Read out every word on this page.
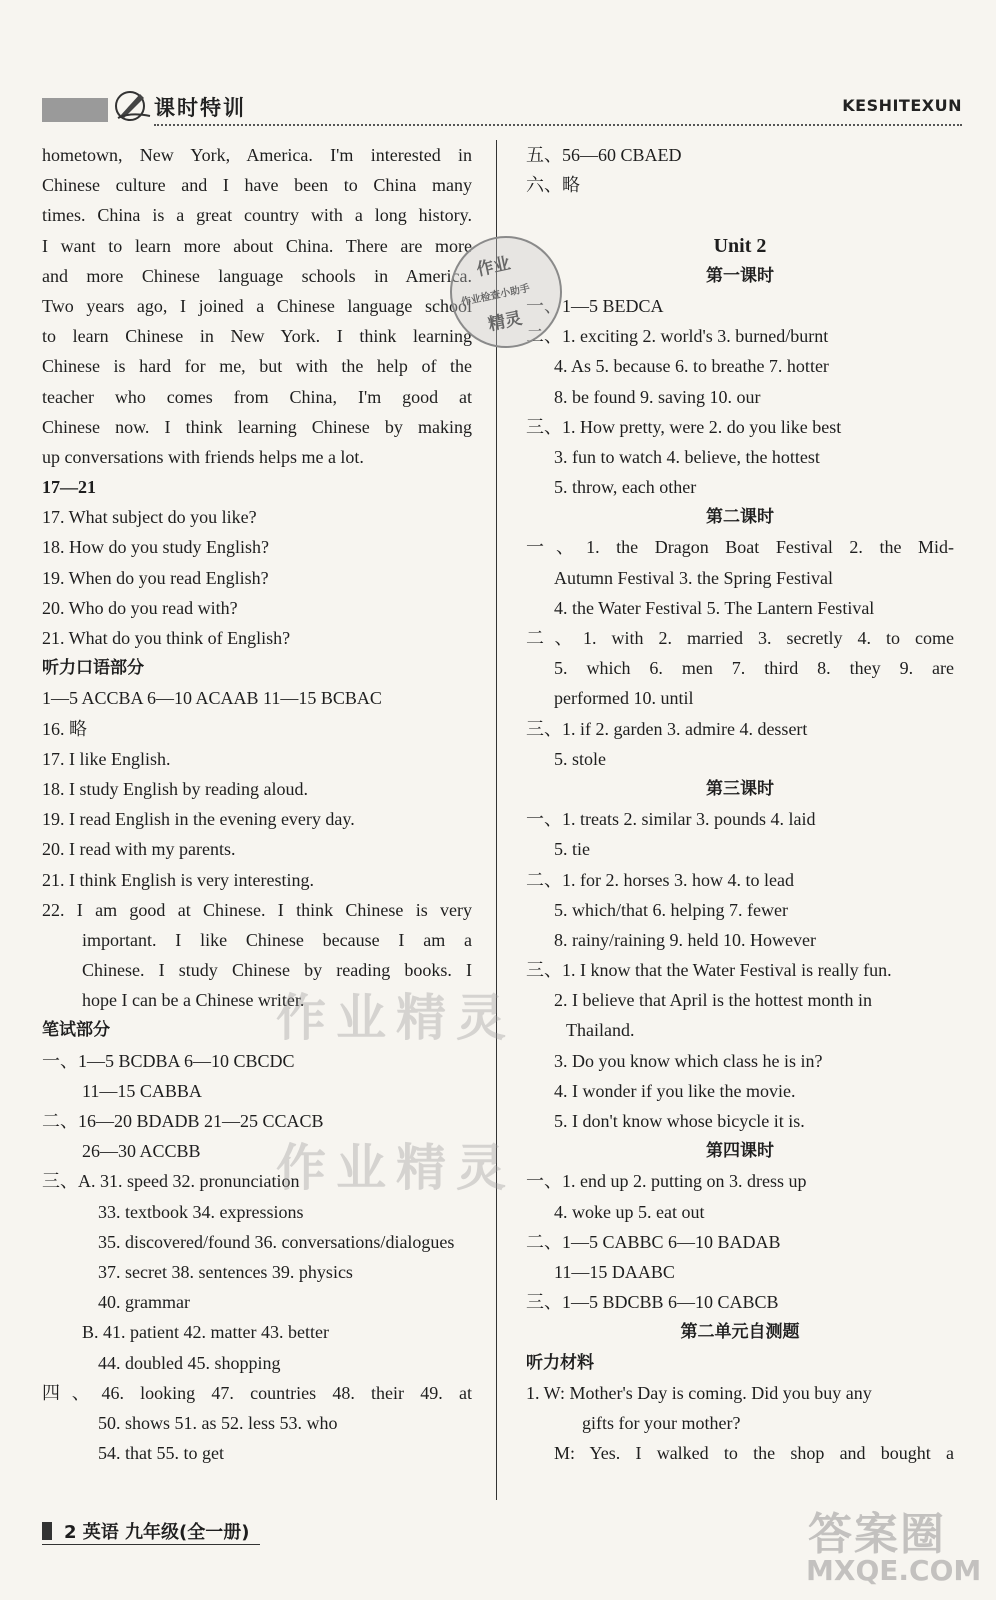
课时特训	KESHITEXUN
hometown, New York, America. I'm interested in
Chinese culture and I have been to China many
times. China is a great country with a long history.
I want to learn more about China. There are more
and more Chinese language schools in America.
Two years ago, I joined a Chinese language school
to learn Chinese in New York. I think learning
Chinese is hard for me, but with the help of the
teacher who comes from China, I'm good at
Chinese now. I think learning Chinese by making
up conversations with friends helps me a lot.
17—21
17. What subject do you like?
18. How do you study English?
19. When do you read English?
20. Who do you read with?
21. What do you think of English?
听力口语部分
1—5 ACCBA 6—10 ACAAB 11—15 BCBAC
16. 略
17. I like English.
18. I study English by reading aloud.
19. I read English in the evening every day.
20. I read with my parents.
21. I think English is very interesting.
22. I am good at Chinese. I think Chinese is very
important. I like Chinese because I am a
Chinese. I study Chinese by reading books. I
hope I can be a Chinese writer.
笔试部分
一、1—5 BCDBA 6—10 CBCDC
11—15 CABBA
二、16—20 BDADB 21—25 CCACB
26—30 ACCBB
三、A. 31. speed 32. pronunciation
33. textbook 34. expressions
35. discovered/found 36. conversations/dialogues
37. secret 38. sentences 39. physics
40. grammar
B. 41. patient 42. matter 43. better
44. doubled 45. shopping
四、46. looking 47. countries 48. their 49. at
50. shows 51. as 52. less 53. who
54. that 55. to get
五、56—60 CBAED
六、略
Unit 2
第一课时
一、1—5 BEDCA
二、1. exciting 2. world's 3. burned/burnt
4. As 5. because 6. to breathe 7. hotter
8. be found 9. saving 10. our
三、1. How pretty, were 2. do you like best
3. fun to watch 4. believe, the hottest
5. throw, each other
第二课时
一、1. the Dragon Boat Festival 2. the Mid-
Autumn Festival 3. the Spring Festival
4. the Water Festival 5. The Lantern Festival
二、1. with 2. married 3. secretly 4. to come
5. which 6. men 7. third 8. they 9. are
performed 10. until
三、1. if 2. garden 3. admire 4. dessert
5. stole
第三课时
一、1. treats 2. similar 3. pounds 4. laid
5. tie
二、1. for 2. horses 3. how 4. to lead
5. which/that 6. helping 7. fewer
8. rainy/raining 9. held 10. However
三、1. I know that the Water Festival is really fun.
2. I believe that April is the hottest month in
Thailand.
3. Do you know which class he is in?
4. I wonder if you like the movie.
5. I don't know whose bicycle it is.
第四课时
一、1. end up 2. putting on 3. dress up
4. woke up 5. eat out
二、1—5 CABBC 6—10 BADAB
11—15 DAABC
三、1—5 BDCBB 6—10 CABCB
第二单元自测题
听力材料
1. W: Mother's Day is coming. Did you buy any
gifts for your mother?
M: Yes. I walked to the shop and bought a
作业
作业检查小助手
精灵
作业精灵
作业精灵
2 英语 九年级(全一册)	答案圈
MXQE.COM
